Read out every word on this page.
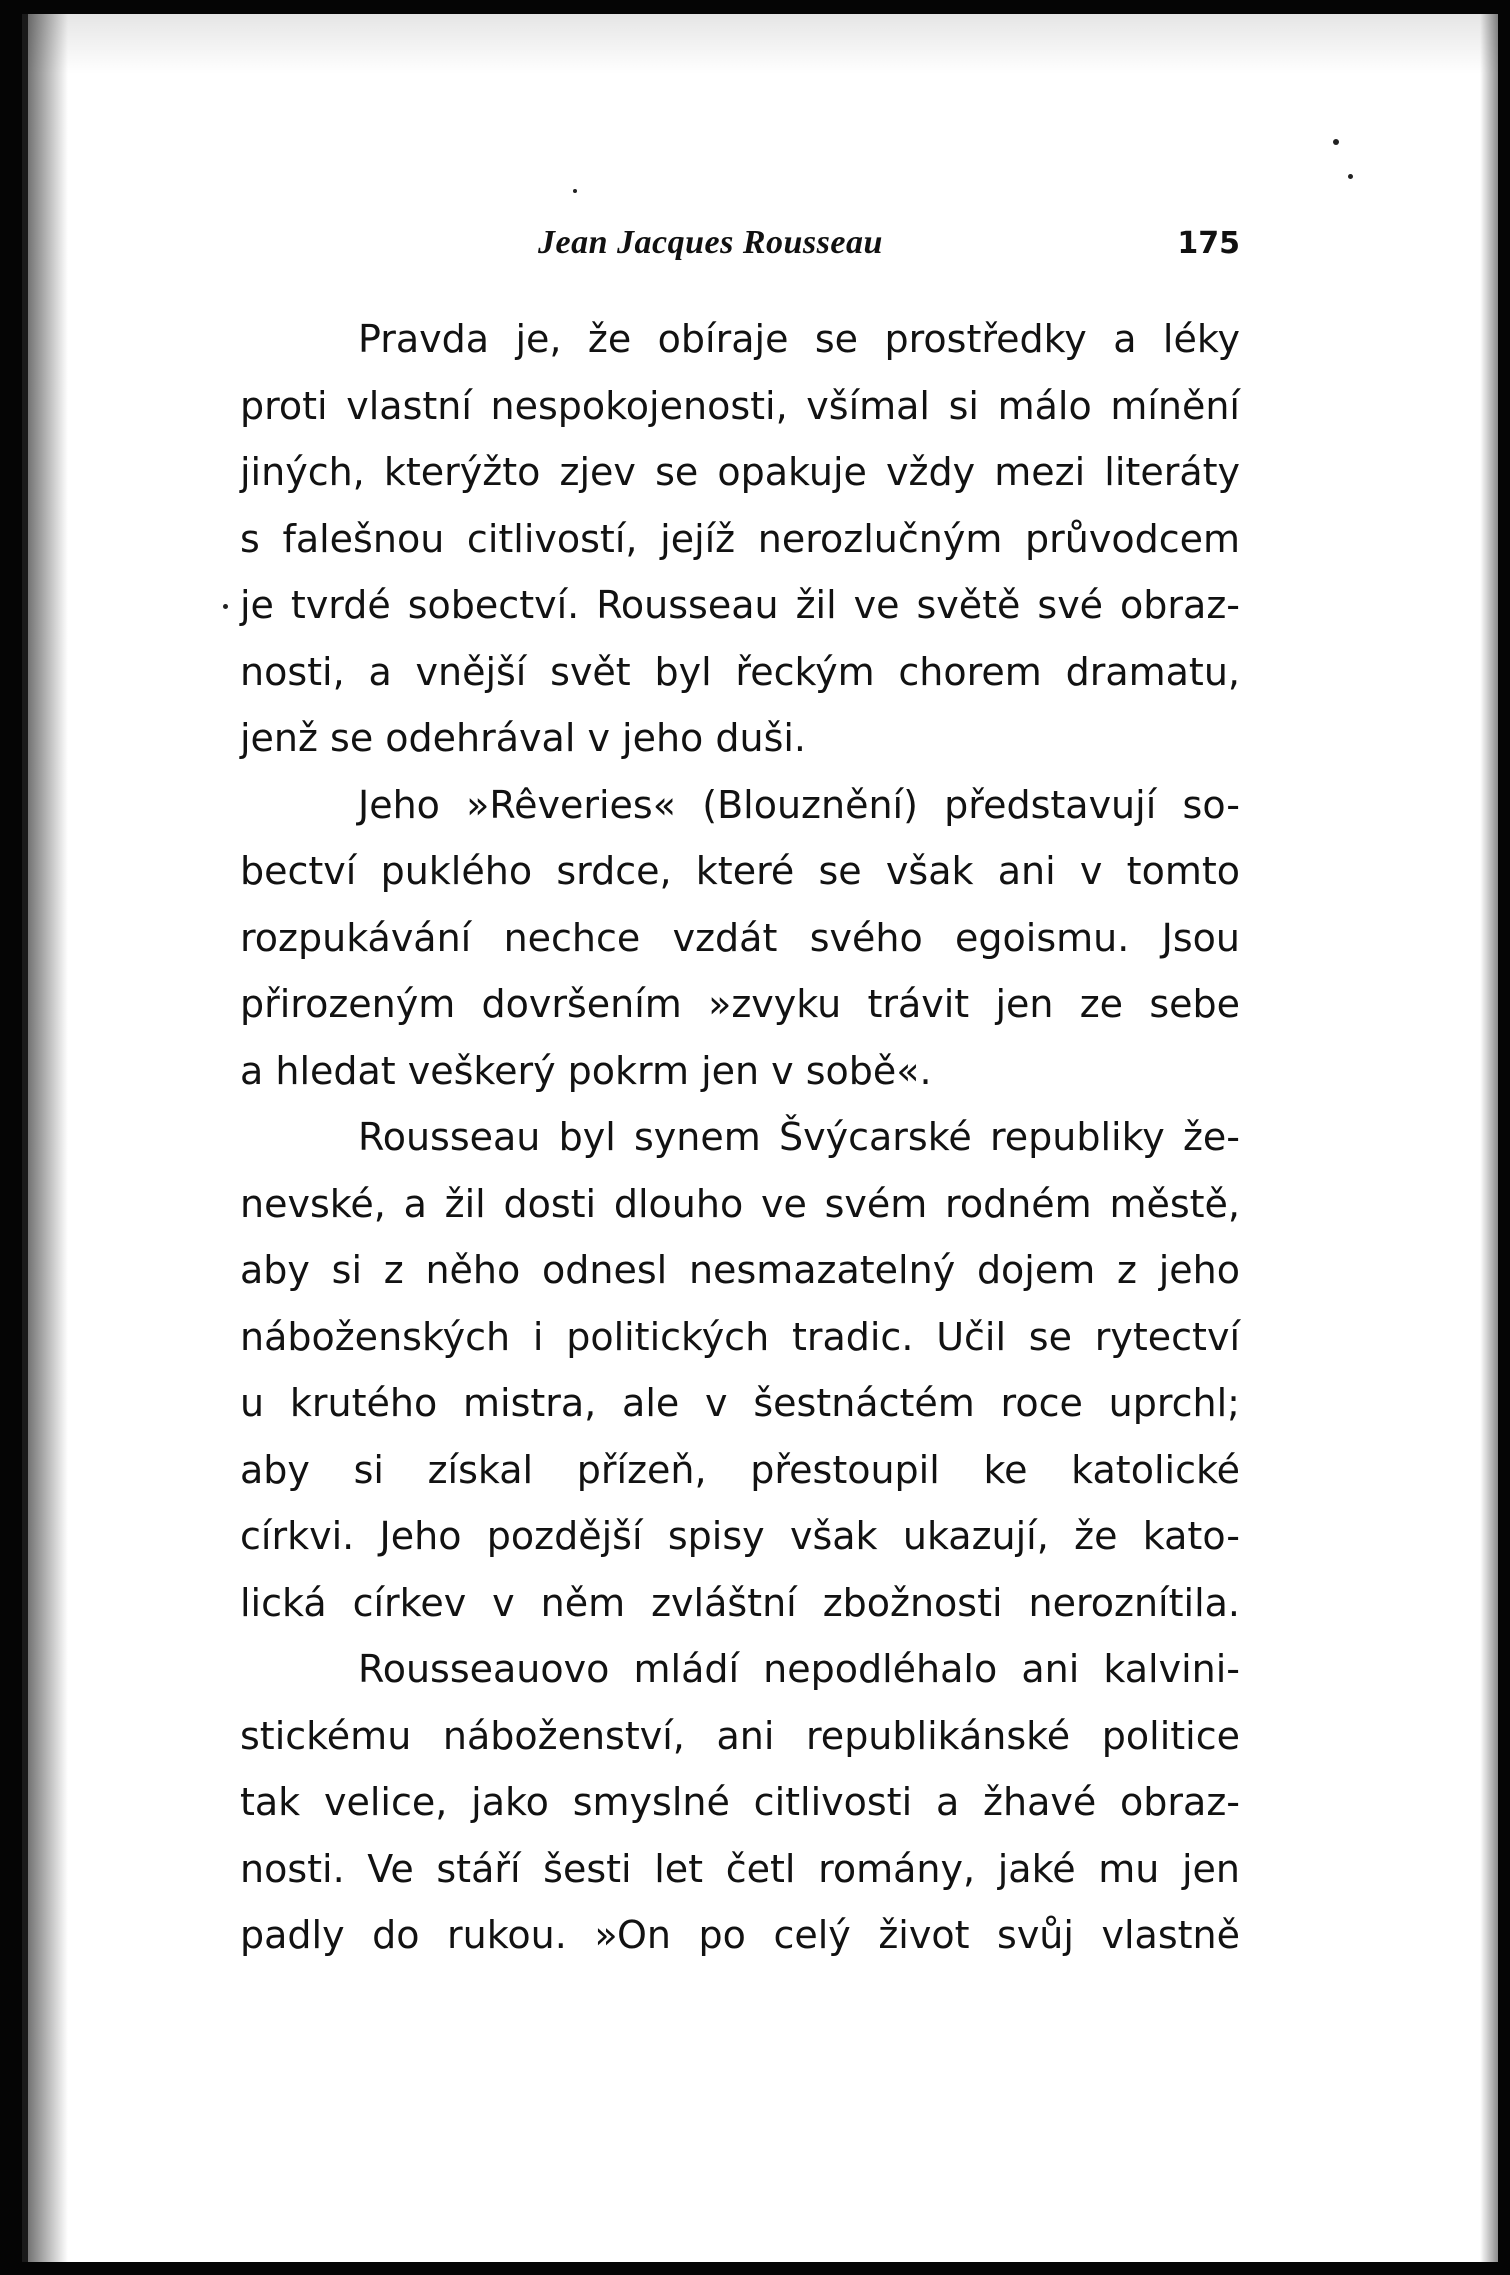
Jean Jacques Rousseau	175

Pravda je, že obíraje se prostředky a léky
proti vlastní nespokojenosti, všímal si málo mínění
jiných, kterýžto zjev se opakuje vždy mezi literáty
s falešnou citlivostí, jejíž nerozlučným průvodcem
je tvrdé sobectví. Rousseau žil ve světě své obraz-
nosti, a vnější svět byl řeckým chorem dramatu,
jenž se odehrával v jeho duši.

Jeho »Rêveries« (Blouznění) představují so-
bectví puklého srdce, které se však ani v tomto
rozpukávání nechce vzdát svého egoismu. Jsou
přirozeným dovršením »zvyku trávit jen ze sebe
a hledat veškerý pokrm jen v sobě«.

Rousseau byl synem Švýcarské republiky že-
nevské, a žil dosti dlouho ve svém rodném městě,
aby si z něho odnesl nesmazatelný dojem z jeho
náboženských i politických tradic. Učil se rytectví
u krutého mistra, ale v šestnáctém roce uprchl;
aby si získal přízeň, přestoupil ke katolické
církvi. Jeho pozdější spisy však ukazují, že kato-
lická církev v něm zvláštní zbožnosti neroznítila.

Rousseauovo mládí nepodléhalo ani kalvini-
stickému náboženství, ani republikánské politice
tak velice, jako smyslné citlivosti a žhavé obraz-
nosti. Ve stáří šesti let četl romány, jaké mu jen
padly do rukou. »On po celý život svůj vlastně
